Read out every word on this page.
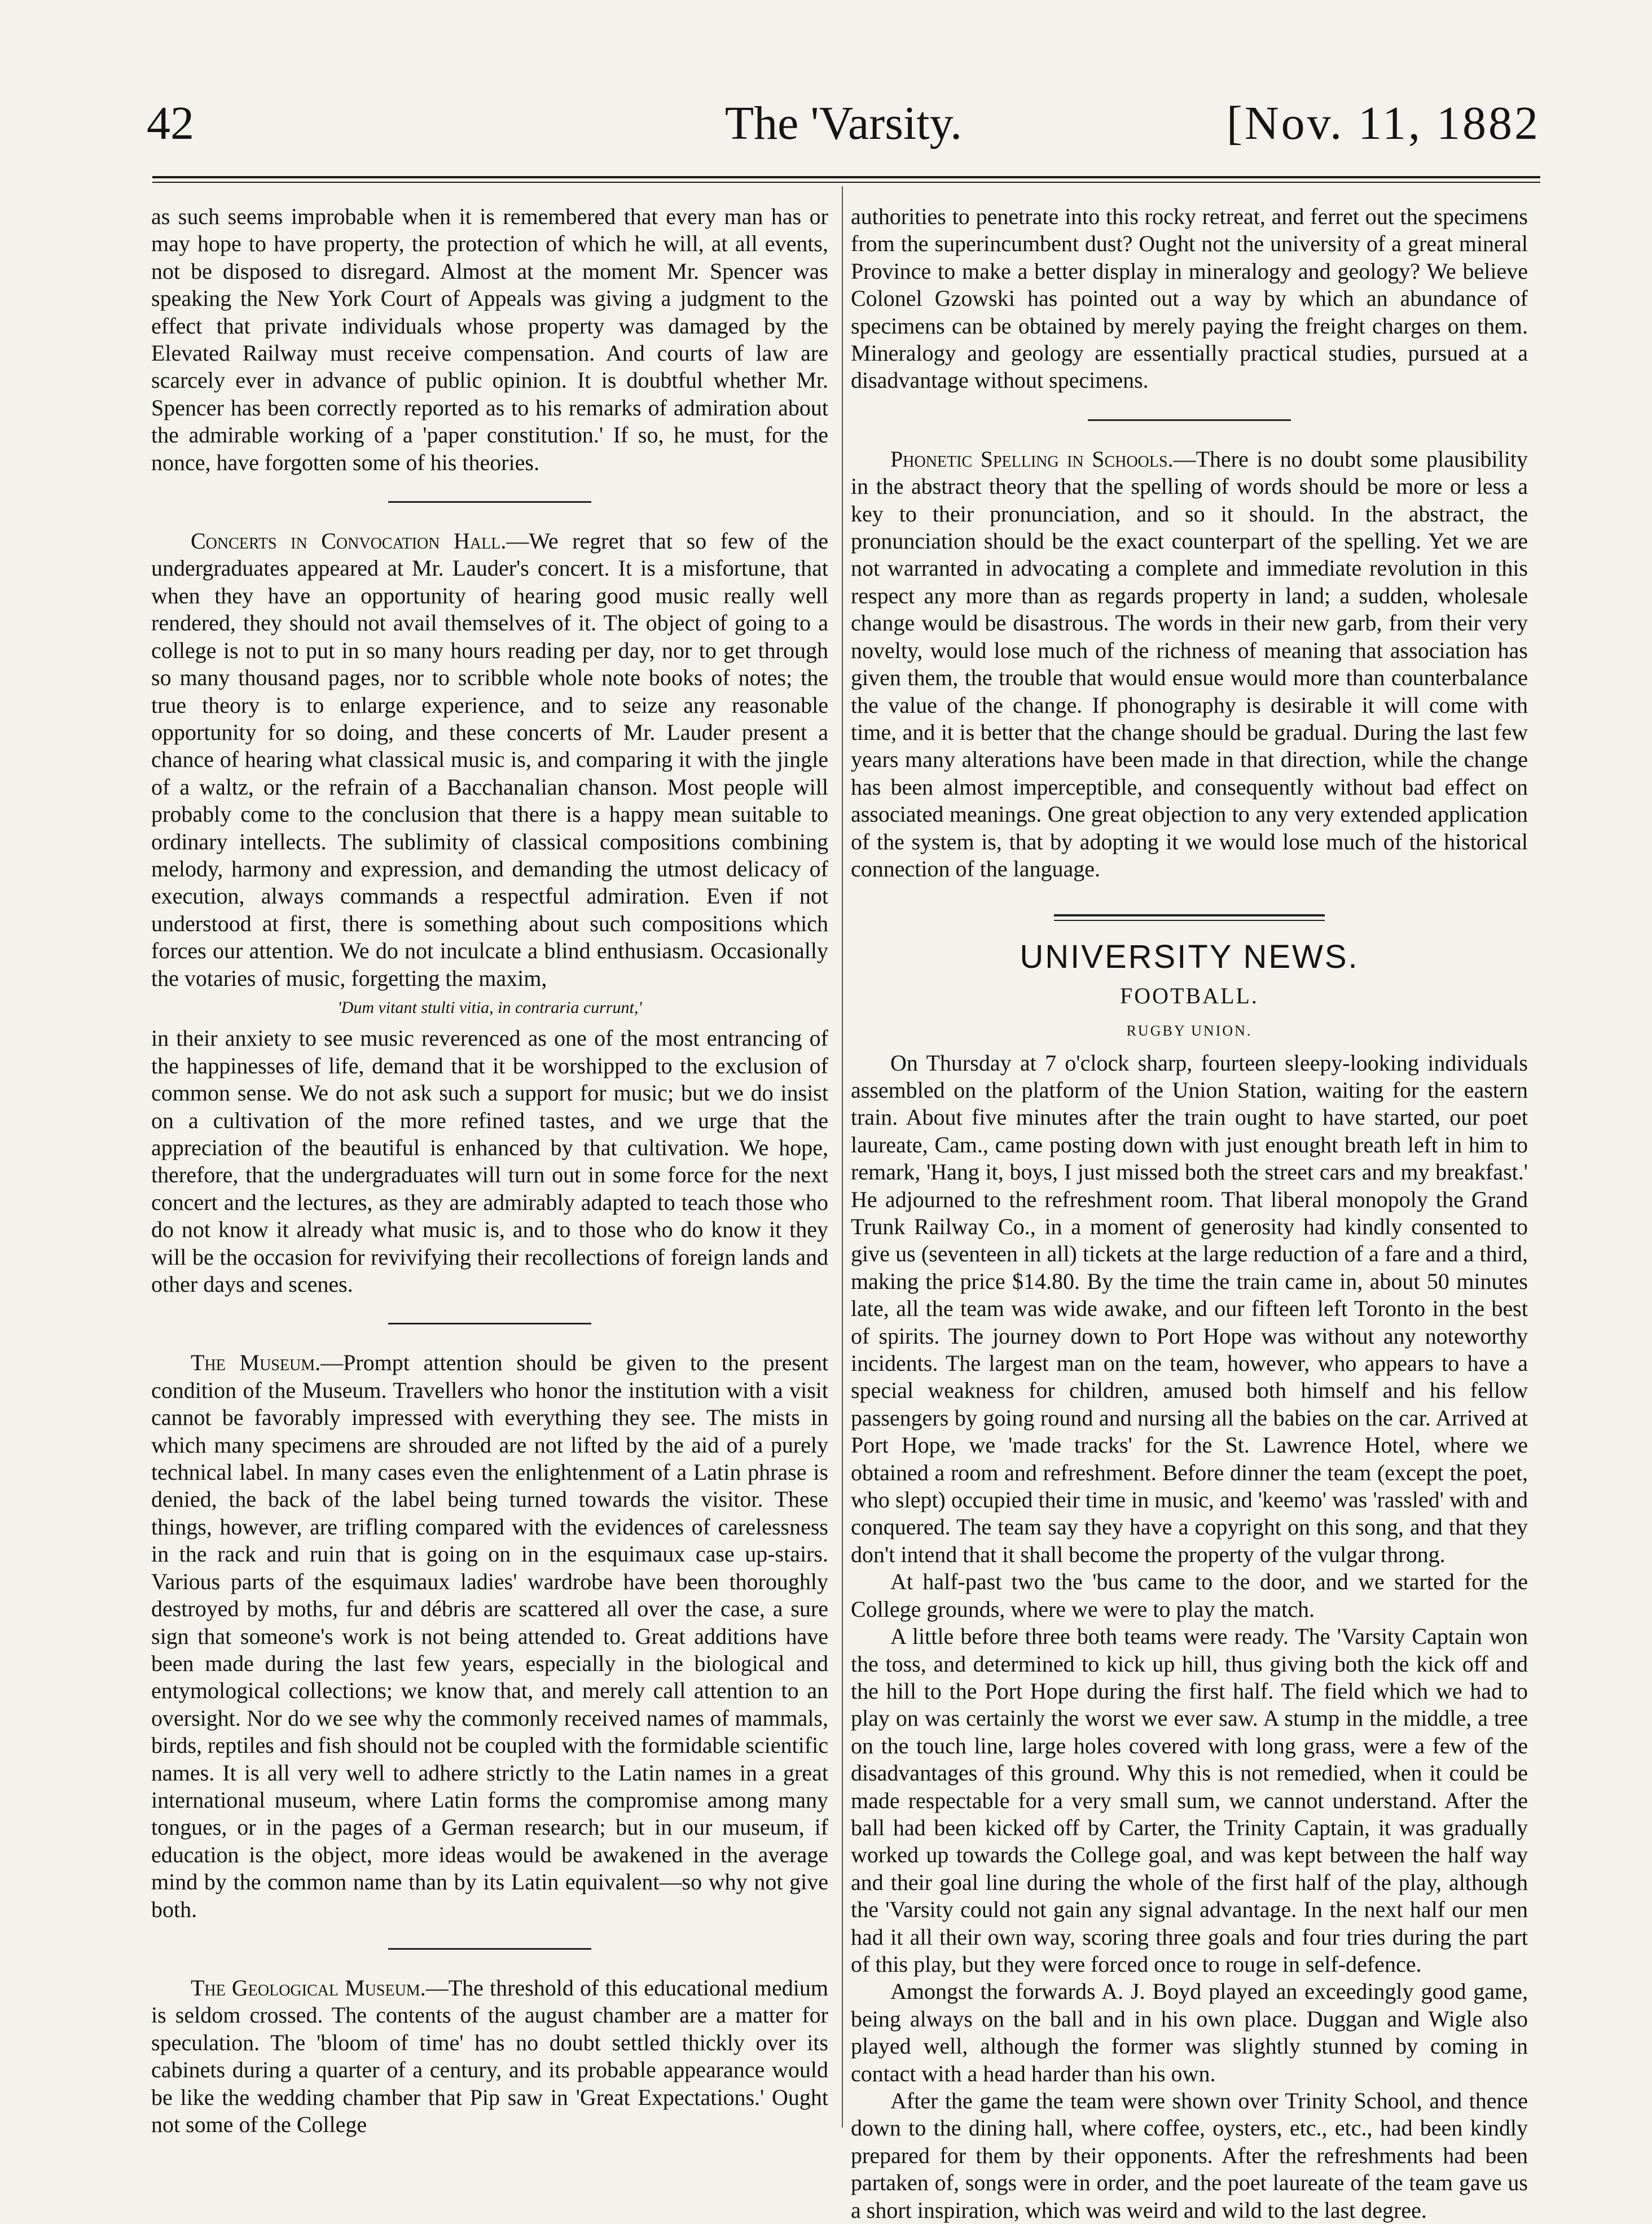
42	The 'Varsity.	[Nov. 11, 1882

as such seems improbable when it is remembered that every man has or may hope to have property, the protection of which he will, at all events, not be disposed to disregard. Almost at the moment Mr. Spencer was speaking the New York Court of Appeals was giving a judgment to the effect that private individuals whose property was damaged by the Elevated Railway must receive compensation. And courts of law are scarcely ever in advance of public opinion. It is doubtful whether Mr. Spencer has been correctly reported as to his remarks of admiration about the admirable working of a 'paper constitution.' If so, he must, for the nonce, have forgotten some of his theories.

Concerts in Convocation Hall.—We regret that so few of the undergraduates appeared at Mr. Lauder's concert. It is a misfortune, that when they have an opportunity of hearing good music really well rendered, they should not avail themselves of it. The object of going to a college is not to put in so many hours reading per day, nor to get through so many thousand pages, nor to scribble whole note books of notes; the true theory is to enlarge experience, and to seize any reasonable opportunity for so doing, and these concerts of Mr. Lauder present a chance of hearing what classical music is, and comparing it with the jingle of a waltz, or the refrain of a Bacchanalian chanson. Most people will probably come to the conclusion that there is a happy mean suitable to ordinary intellects. The sublimity of classical compositions combining melody, harmony and expression, and demanding the utmost delicacy of execution, always commands a respectful admiration. Even if not understood at first, there is something about such compositions which forces our attention. We do not inculcate a blind enthusiasm. Occasionally the votaries of music, forgetting the maxim,

'Dum vitant stulti vitia, in contraria currunt,'

in their anxiety to see music reverenced as one of the most entrancing of the happinesses of life, demand that it be worshipped to the exclusion of common sense. We do not ask such a support for music; but we do insist on a cultivation of the more refined tastes, and we urge that the appreciation of the beautiful is enhanced by that cultivation. We hope, therefore, that the undergraduates will turn out in some force for the next concert and the lectures, as they are admirably adapted to teach those who do not know it already what music is, and to those who do know it they will be the occasion for revivifying their recollections of foreign lands and other days and scenes.

The Museum.—Prompt attention should be given to the present condition of the Museum. Travellers who honor the institution with a visit cannot be favorably impressed with everything they see. The mists in which many specimens are shrouded are not lifted by the aid of a purely technical label. In many cases even the enlightenment of a Latin phrase is denied, the back of the label being turned towards the visitor. These things, however, are trifling compared with the evidences of carelessness in the rack and ruin that is going on in the esquimaux case up-stairs. Various parts of the esquimaux ladies' wardrobe have been thoroughly destroyed by moths, fur and débris are scattered all over the case, a sure sign that someone's work is not being attended to. Great additions have been made during the last few years, especially in the biological and entymological collections; we know that, and merely call attention to an oversight. Nor do we see why the commonly received names of mammals, birds, reptiles and fish should not be coupled with the formidable scientific names. It is all very well to adhere strictly to the Latin names in a great international museum, where Latin forms the compromise among many tongues, or in the pages of a German research; but in our museum, if education is the object, more ideas would be awakened in the average mind by the common name than by its Latin equivalent—so why not give both.

The Geological Museum.—The threshold of this educational medium is seldom crossed. The contents of the august chamber are a matter for speculation. The 'bloom of time' has no doubt settled thickly over its cabinets during a quarter of a century, and its probable appearance would be like the wedding chamber that Pip saw in 'Great Expectations.' Ought not some of the College

authorities to penetrate into this rocky retreat, and ferret out the specimens from the superincumbent dust? Ought not the university of a great mineral Province to make a better display in mineralogy and geology? We believe Colonel Gzowski has pointed out a way by which an abundance of specimens can be obtained by merely paying the freight charges on them. Mineralogy and geology are essentially practical studies, pursued at a disadvantage without specimens.

Phonetic Spelling in Schools.—There is no doubt some plausibility in the abstract theory that the spelling of words should be more or less a key to their pronunciation, and so it should. In the abstract, the pronunciation should be the exact counterpart of the spelling. Yet we are not warranted in advocating a complete and immediate revolution in this respect any more than as regards property in land; a sudden, wholesale change would be disastrous. The words in their new garb, from their very novelty, would lose much of the richness of meaning that association has given them, the trouble that would ensue would more than counterbalance the value of the change. If phonography is desirable it will come with time, and it is better that the change should be gradual. During the last few years many alterations have been made in that direction, while the change has been almost imperceptible, and consequently without bad effect on associated meanings. One great objection to any very extended application of the system is, that by adopting it we would lose much of the historical connection of the language.

UNIVERSITY NEWS.
FOOTBALL.
RUGBY UNION.

On Thursday at 7 o'clock sharp, fourteen sleepy-looking individuals assembled on the platform of the Union Station, waiting for the eastern train. About five minutes after the train ought to have started, our poet laureate, Cam., came posting down with just enought breath left in him to remark, 'Hang it, boys, I just missed both the street cars and my breakfast.' He adjourned to the refreshment room. That liberal monopoly the Grand Trunk Railway Co., in a moment of generosity had kindly consented to give us (seventeen in all) tickets at the large reduction of a fare and a third, making the price $14.80. By the time the train came in, about 50 minutes late, all the team was wide awake, and our fifteen left Toronto in the best of spirits. The journey down to Port Hope was without any noteworthy incidents. The largest man on the team, however, who appears to have a special weakness for children, amused both himself and his fellow passengers by going round and nursing all the babies on the car. Arrived at Port Hope, we 'made tracks' for the St. Lawrence Hotel, where we obtained a room and refreshment. Before dinner the team (except the poet, who slept) occupied their time in music, and 'keemo' was 'rassled' with and conquered. The team say they have a copyright on this song, and that they don't intend that it shall become the property of the vulgar throng.

At half-past two the 'bus came to the door, and we started for the College grounds, where we were to play the match.

A little before three both teams were ready. The 'Varsity Captain won the toss, and determined to kick up hill, thus giving both the kick off and the hill to the Port Hope during the first half. The field which we had to play on was certainly the worst we ever saw. A stump in the middle, a tree on the touch line, large holes covered with long grass, were a few of the disadvantages of this ground. Why this is not remedied, when it could be made respectable for a very small sum, we cannot understand. After the ball had been kicked off by Carter, the Trinity Captain, it was gradually worked up towards the College goal, and was kept between the half way and their goal line during the whole of the first half of the play, although the 'Varsity could not gain any signal advantage. In the next half our men had it all their own way, scoring three goals and four tries during the part of this play, but they were forced once to rouge in self-defence.

Amongst the forwards A. J. Boyd played an exceedingly good game, being always on the ball and in his own place. Duggan and Wigle also played well, although the former was slightly stunned by coming in contact with a head harder than his own.

After the game the team were shown over Trinity School, and thence down to the dining hall, where coffee, oysters, etc., etc., had been kindly prepared for them by their opponents. After the refreshments had been partaken of, songs were in order, and the poet laureate of the team gave us a short inspiration, which was weird and wild to the last degree.
